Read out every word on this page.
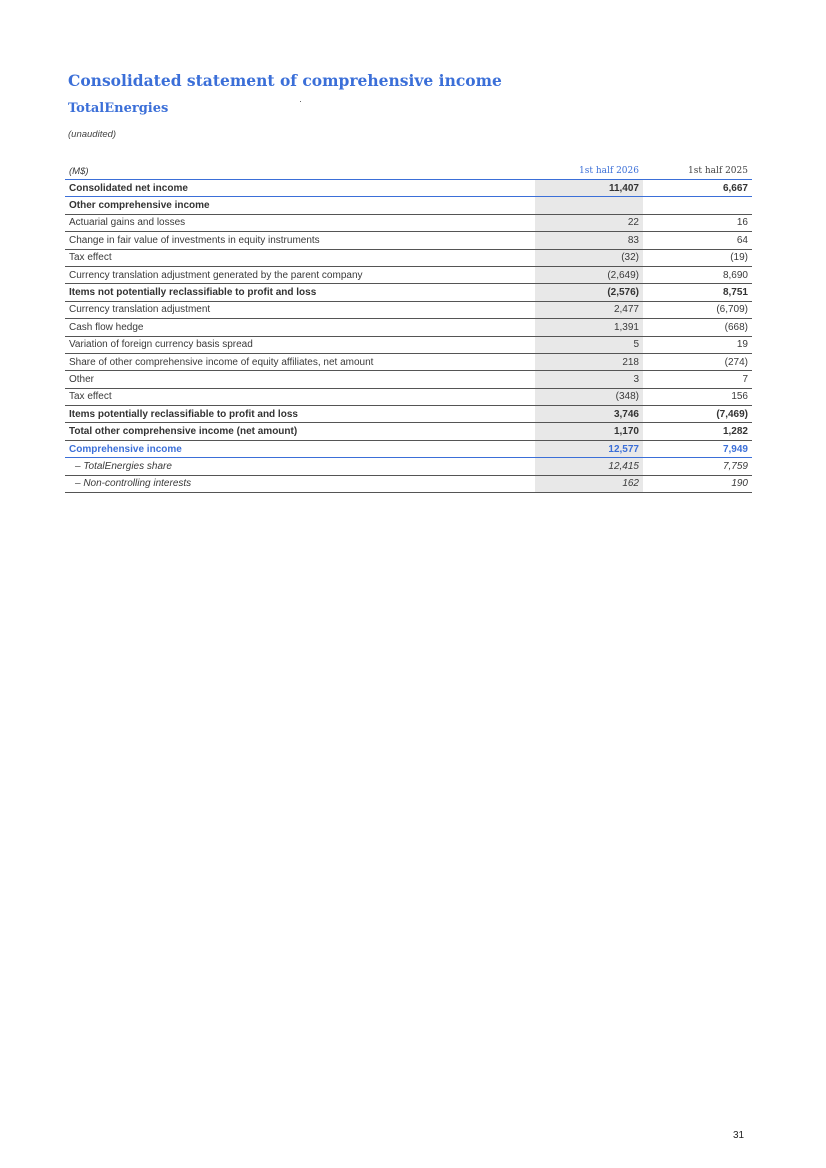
Consolidated statement of comprehensive income
TotalEnergies
(unaudited)
(M$)	1st half 2026	1st half 2025
Consolidated net income	11,407	6,667
Other comprehensive income		
Actuarial gains and losses	22	16
Change in fair value of investments in equity instruments	83	64
Tax effect	(32)	(19)
Currency translation adjustment generated by the parent company	(2,649)	8,690
Items not potentially reclassifiable to profit and loss	(2,576)	8,751
Currency translation adjustment	2,477	(6,709)
Cash flow hedge	1,391	(668)
Variation of foreign currency basis spread	5	19
Share of other comprehensive income of equity affiliates, net amount	218	(274)
Other	3	7
Tax effect	(348)	156
Items potentially reclassifiable to profit and loss	3,746	(7,469)
Total other comprehensive income (net amount)	1,170	1,282
Comprehensive income	12,577	7,949
– TotalEnergies share	12,415	7,759
– Non-controlling interests	162	190
31
